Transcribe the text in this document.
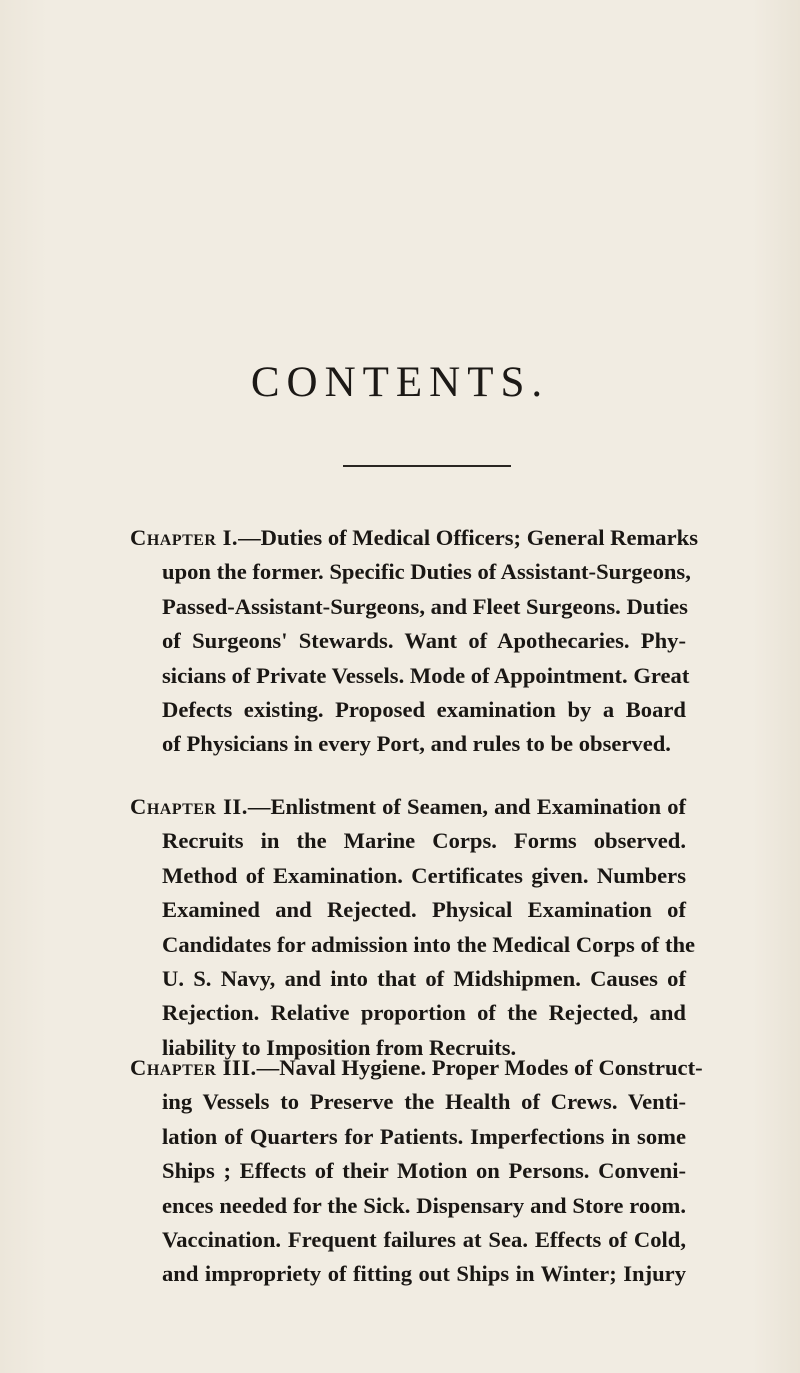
CONTENTS.
Chapter I.—Duties of Medical Officers; General Remarks
upon the former. Specific Duties of Assistant-Surgeons,
Passed-Assistant-Surgeons, and Fleet Surgeons. Duties
of Surgeons' Stewards. Want of Apothecaries. Phy-
sicians of Private Vessels. Mode of Appointment. Great
Defects existing. Proposed examination by a Board
of Physicians in every Port, and rules to be observed.
Chapter II.—Enlistment of Seamen, and Examination of
Recruits in the Marine Corps. Forms observed.
Method of Examination. Certificates given. Numbers
Examined and Rejected. Physical Examination of
Candidates for admission into the Medical Corps of the
U. S. Navy, and into that of Midshipmen. Causes of
Rejection. Relative proportion of the Rejected, and
liability to Imposition from Recruits.
Chapter III.—Naval Hygiene. Proper Modes of Construct-
ing Vessels to Preserve the Health of Crews. Venti-
lation of Quarters for Patients. Imperfections in some
Ships ; Effects of their Motion on Persons. Conveni-
ences needed for the Sick. Dispensary and Store room.
Vaccination. Frequent failures at Sea. Effects of Cold,
and impropriety of fitting out Ships in Winter; Injury
